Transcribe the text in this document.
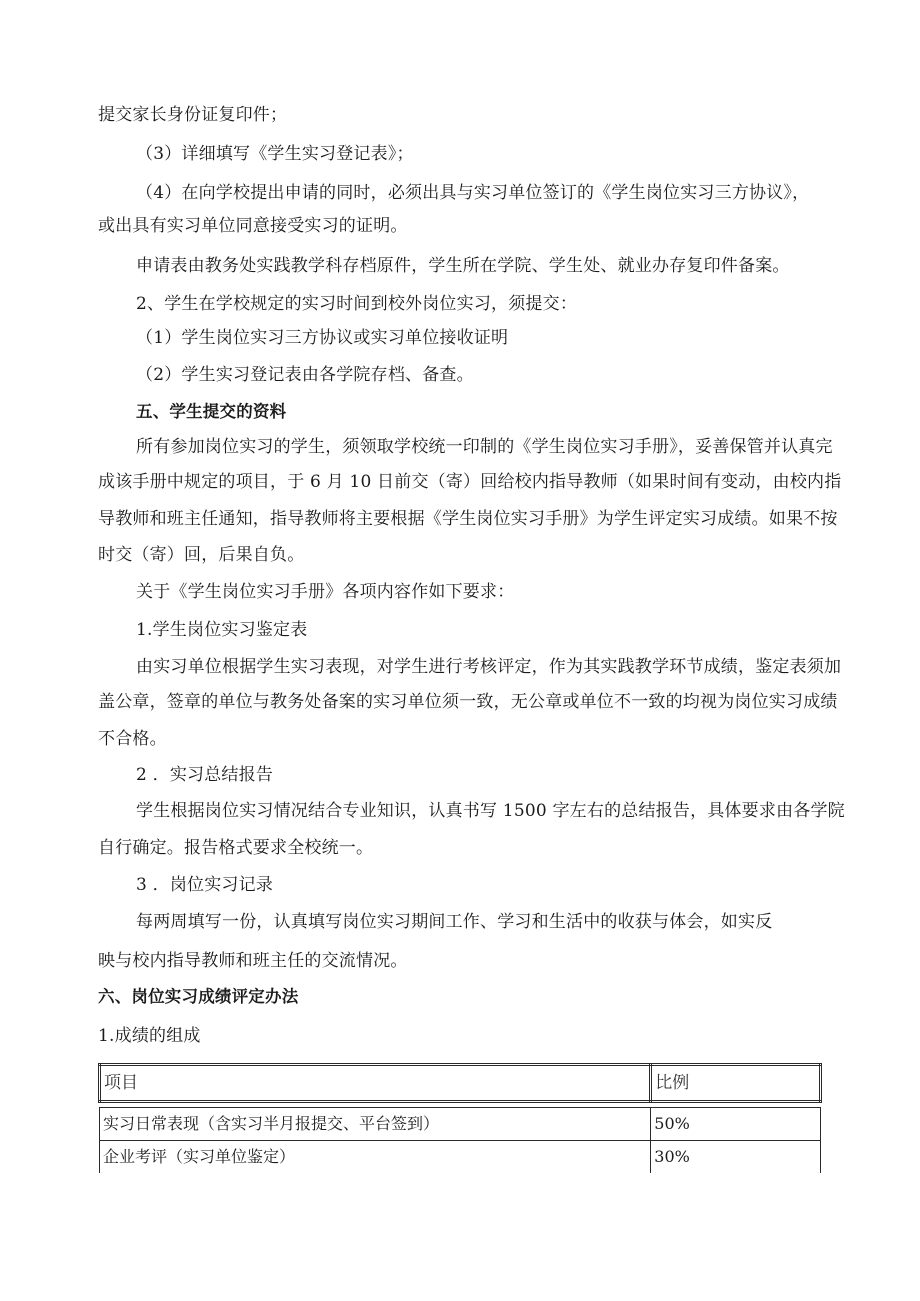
提交家长身份证复印件；
（3）详细填写《学生实习登记表》；
（4）在向学校提出申请的同时，必须出具与实习单位签订的《学生岗位实习三方协议》，
或出具有实习单位同意接受实习的证明。
申请表由教务处实践教学科存档原件，学生所在学院、学生处、就业办存复印件备案。
2、学生在学校规定的实习时间到校外岗位实习，须提交：
（1）学生岗位实习三方协议或实习单位接收证明
（2）学生实习登记表由各学院存档、备查。
五、学生提交的资料
所有参加岗位实习的学生，须领取学校统一印制的《学生岗位实习手册》，妥善保管并认真完
成该手册中规定的项目，于 6 月 10 日前交（寄）回给校内指导教师（如果时间有变动，由校内指
导教师和班主任通知，指导教师将主要根据《学生岗位实习手册》为学生评定实习成绩。如果不按
时交（寄）回，后果自负。
关于《学生岗位实习手册》各项内容作如下要求：
1.学生岗位实习鉴定表
由实习单位根据学生实习表现，对学生进行考核评定，作为其实践教学环节成绩，鉴定表须加
盖公章，签章的单位与教务处备案的实习单位须一致，无公章或单位不一致的均视为岗位实习成绩
不合格。
2 ．实习总结报告
学生根据岗位实习情况结合专业知识，认真书写 1500 字左右的总结报告，具体要求由各学院
自行确定。报告格式要求全校统一。
3 ．岗位实习记录
每两周填写一份，认真填写岗位实习期间工作、学习和生活中的收获与体会，如实反
映与校内指导教师和班主任的交流情况。
六、岗位实习成绩评定办法
1.成绩的组成
项目	比例

实习日常表现（含实习半月报提交、平台签到）	50%
企业考评（实习单位鉴定）	30%
